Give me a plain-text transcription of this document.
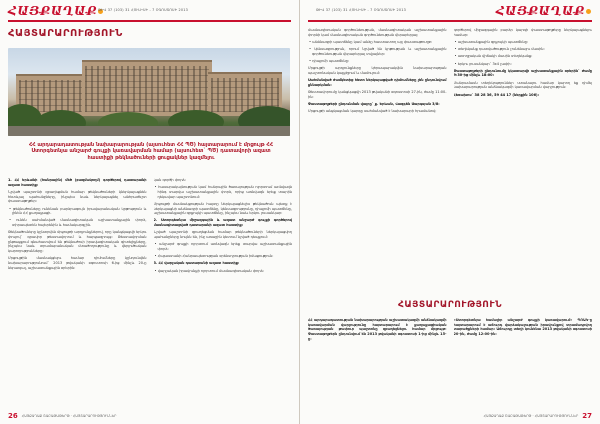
ՀԱՅՔԱՂԱՔ ԹԻՎ 37 (103) 31 ՀՈՒԼԻՍԻ - 7 ՕԳՈՍՏՈՍԻ 2013
ՀԱՅՏԱՐԱՐՈՒԹՅՈՒՆ
ՀՀ արդարադատության նախարարության (այսուհետ ՀՀ ՊԾ) հայտարարում է մրցույթ ՀՀ Ստորգետնյա անշարժ գույքի կառավարման համար (այսուհետ` ՊԾ) դատավորի ազատ հաստիքի թեկնածուների ցուցակներ կազմելու

1. ՀՀ Երևանի (հանրային) մեծ (բազմակողմ) գործերով դատարանի ազատ հաստիք:

Նշված պաշտոնի զբաղեցման համար թեկնածուների կներկայացնեն հետևյալ պահանջները, ինչպես նաև ներկայացնել անհրաժեշտ փաստաթղթեր:

• թեկնածուները ունենան բարձրագույն իրավաբանական կրթություն և լինեն ՀՀ քաղաքացի.

• ունեն սահմանված մասնագիտական աշխատանքային փորձ, տիրապետեն հայերենին և համակարգչին.

Թեկնածուները կընտրվեն մրցույթի արդյունքներով, որը կանցկացվի երկու փուլով` գրավոր թեստավորում և հարցազրույց: Թեստավորման ընթացքում գնահատվում են թեկնածուի իրավագիտական գիտելիքները, ինչպես նաև տրամաբանական մտածողությունը և վերլուծական կարողությունները:

Մրցույթին մասնակցելու համար դիմումները կընդունվեն նախարարությունում` 2013 թվականի օգոստոսի 6-ից մինչև 20-ը ներառյալ, աշխատանքային օրերին:

կան գործի փորձ:

• հասարակայնության կամ հանրային ծառայության ոլորտում առնվազն հինգ տարվա աշխատանքային փորձ, որից առնվազն երեք տարին ղեկավար պաշտոնում:

Մրցույթի մասնակցության հայտը ներկայացնելիս թեկնածուն պետք է ներկայացնի անձնագրի պատճենը, կենսագրությունը, դիպլոմի պատճենը, աշխատանքային գրքույկի պատճենը, ինչպես նաև երկու լուսանկար:

2. Ստորգետնյա միջազգային և ազատ անշարժ գույքի գործերով մասնագիտացված դատարանի ազատ հաստիք:

Նշված պաշտոնի զբաղեցման համար թեկնածուների ներկայացվող պահանջները նույնն են, ինչ առաջին կետում նշված դեպքում:

• անշարժ գույքի ոլորտում առնվազն երեք տարվա աշխատանքային փորձ:

• Հայաստանի Հանրապետության օրենսդրության իմացություն:

3. ՀՀ վարչական դատարանի ազատ հաստիք:

• վարչական իրավունքի ոլորտում մասնագիտական փորձ:

26 ՀԱՅՔԱՂԱՔ ՇԱԲԱԹԱԹԵՐԹ · ՀԱՅՏԱՐԱՐՈՒԹՅՈՒՆՆԵՐ
ԹԻՎ 37 (103) 31 ՀՈՒԼԻՍԻ - 7 ՕԳՈՍՏՈՍԻ 2013	ՀԱՅՔԱՂԱՔ

մասնագիտական գործունեության, մասնագիտական աշխատանքային փորձի կամ մասնագիտական գործունեության վերաբերյալ:

• անձնագրի պատճենը կամ անձը հաստատող այլ փաստաթուղթ:

• կենսագրություն, որում նշված են կրթության և աշխատանքային գործունեության վերաբերյալ տվյալներ:

• դիպլոմի պատճենը:

Մրցույթի արդյունքները կհրապարակվեն նախարարության պաշտոնական կայքէջում և մամուլում:

Սահմանված ժամկետից հետո ներկայացված դիմումները չեն ընդունվում քննարկման:

Թեստավորումը կանցկացվի 2013 թվականի օգոստոսի 27-ին, ժամը 11:00-ին:

Փաստաթղթերի ընդունման վայրը` ք. Երևան, Վազգեն Սարգսյան 3/8:

Մրցույթի անցկացման կարգը սահմանված է նախարարի հրամանով:

գործերով միջազգային բարձր կարգի փաստաթղթերը ներկայացնելու համար:

• աշխատանքային գրքույկի պատճենը:

• տեղեկանք դատվածություն չունենալու մասին:

• առողջական վիճակի մասին տեղեկանք:

• երկու լուսանկար` 3x4 չափի:

Փաստաթղթերի ընդունումը կկատարվի աշխատանքային օրերին` ժամը 9:30-ից մինչև 18:00:

Մանրամասն տեղեկություններ ստանալու համար կարող եք դիմել նախարարության անձնակազմի կառավարման վարչություն:

Հեռախոս` 38 28 36, 59 44 17 (ներքին 106):

ՀԱՅՏԱՐԱՐՈՒԹՅՈՒՆ
ՀՀ արդարադատության նախարարության աշխատակազմի անձնակազմի կառավարման վարչությունը հայտարարում է քաղաքացիական ծառայության թափուր պաշտոնը զբաղեցնելու համար մրցույթ: Փաստաթղթերն ընդունվում են 2013 թվականի օգոստոսի 1-ից մինչև 15-ը:
«Ստորգետնյա համալիր անշարժ գույքի կառավարում» ՊՈԱԿ-ը հայտարարում է աճուրդ վարձակալության իրավունքով տրամադրվող տարածքների համար: Աճուրդը տեղի կունենա 2013 թվականի օգոստոսի 20-ին, ժամը 12:00-ին:
ՀԱՅՔԱՂԱՔ ՇԱԲԱԹԱԹԵՐԹ · ՀԱՅՏԱՐԱՐՈՒԹՅՈՒՆՆԵՐ 27
